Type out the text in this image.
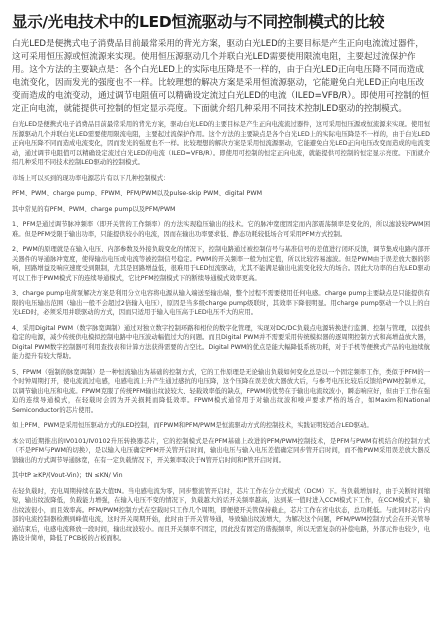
显示/光电技术中的LED恒流驱动与不同控制模式的比较

白光LED是便携式电子消费品目前最常采用的背光方案，驱动白光LED的主要目标是产生正向电流流过器件，这可采用恒压源或恒流源来实现。使用恒压源驱动几个并联白光LED需要使用限流电阻，主要起过流保护作用。这个方法的主要缺点是：各个白光LED上的实际电压降是不一样的，由于白光LED正向电压降不同而造成电流变化，因而发光的强度也不一样。比较理想的解决方案是采用恒流源驱动，它能避免白光LED正向电压改变而造成的电流变动，通过调节电阻值可以精确设定流过白光LED的电流（ILED=VFB/R）。即使用可控制的恒定正向电流，就能提供可控制的恒定显示亮度。下面就介绍几种采用不同技术控制LED驱动的控制模式。

白光LED是便携式电子消费品目前最常采用的背光方案，驱动白光LED的主要目标是产生正向电流流过器件，这可采用恒压源或恒流源来实现。使用恒压源驱动几个并联白光LED需要使用限流电阻，主要起过流保护作用。这个方法的主要缺点是各个白光LED上的实际电压降是不一样的，由于白光LED正向电压降不同而造成电流变化，因而发光的强度也不一样。比较理想的解决方案是采用恒流源驱动，它能避免白光LED正向电压改变而造成的电流变动，通过调节电阻值可以精确设定流过白光LED的电流（ILED=VFB/R）。即使用可控制的恒定正向电流，就能提供可控制的恒定显示亮度。下面就介绍几种采用不同技术控制LED驱动的控制模式。

市场上可以买到的现功率电源芯片有以下几种控制模式：

PFM、PWM、charge pump、FPWM、PFM/PWM以及pulse-skip PWM、digital PWM

其中常见的有PFM、PWM、charge pump以及PFM/PWM

1、PFM是通过调节脉冲频率（即开关管的工作频率）的方法实现稳压输出的技术。它的脉冲宽度固定而内部震荡频率是变化的，所以滤波较PWM困难。但是PFM受限于输出功率，只能提供较小的电流，因而在输出功率要求低、静态功耗较低场合可采用PFM方式控制。

2、PWM的原理就是在输入电压、内部参数及外接负载变化的情况下，控制电路通过被控制信号与基准信号的差值进行闭环反馈，调节集成电路内部开关器件的导通脉冲宽度，使得输出电压或电流等被控制信号稳定。PWM的开关频率一般为恒定值，所以比较容易滤波。但是PWM由于误差放大器的影响，回路增益及响应速度受到限制，尤其是回路增益低，很难用于LED恒流驱动，尤其不能满足输出电流变化较大的场合。因此大功率的白光LED驱动可以工作于PWM模式下的连续导通模式，它比PFM控制模式下的断续导通模式效率更高。

3、charge pump电荷泵解决方案是利用分立电容将电源从输入端送至输出端，整个过程不需要使用任何电感。charge pump主要缺点是只能提供有限的电压输出范围（输出一般不会超过2倍输入电压），原因是当多级charge pump级联时，其效率下降很明显。用charge pump驱动一个以上的白光LED时，必须采用并联驱动的方式，因而只适用于输入电压高于LED电压不大的应用。

4、采用Digital PWM（数字脉宽调制）通过对独立数字控制环路和相位的数字化管理，实现对DC/DC负载点电源转换进行监测、控制与管理，以提供稳定的电源，减少传统供电模拟控制电路中电压波动幅值过大的问题。而且Digital PWM并不需要采用传统模拟器的逐周期控制方式和高增益放大器，Digital PWM数字控制器可利用查找表和计算方法获得需要的占空比。Digital PWM的优点是能大幅降低系统功耗，对于手机等便携式产品的电池续航能力提升有较大帮助。

5、FPWM（强制的脉宽调制）是一种恒流输出为基础的控制方式，它的工作原理是无论输出负载如何变化总是以一个固定频率工作，类似于PFM的一个时钟周期打开，使电流流过电感，电感电流上升产生通过感抗的电压降，这个压降在误差放大器放大后，与参考电压比较后反馈给PWM控制单元，以调节输出电压和电流。FPWM克服了传统PFM输出纹波较大、轻载效率低的缺点，FPWM的优势在于输出电流纹波小，瞬态响应好，但由于工作在强迫的连续导通模式，在轻载时会因为开关损耗而降低效率。FPWM模式通常用于对输出纹波和噪声要求严格的场合，如Maxim和National Semiconductor的芯片使用。

如上PFM、PWM是采用恒压驱动方式的LED控制，而FPWM和PFM/PWM是恒流驱动方式的控制技术，实践证明较适合LED驱动。

本公司近期推出的IV0101/IV0102升压转换器芯片，它的控制模式是在PFM基础上改进的PFM/PWM控制技术，是PFM与PWM有机结合的控制方式（不是PFM与PWM的切换），是以输入电压确定PFM开关管开启时间，输出电压与输入电压差值确定同步管开启时间，而不像PWM采用误差放大器反馈输出的方式调节导通脉宽，在有一定负载情况下，开关频率取决于N管开启时间和P管开启时间。

其中tP ≥KP/(Vout-Vin)；tN ≤KN/ Vin

在轻负载时，充电周期持续在最大值tN。当电感电流为零，同步整流管开启时，芯片工作在分立式模式（DCM）下。当负载增加时，由于关断时间缩短，输出纹波降低，负载能力增强，在输入电压不变的情况下，负载越大的话开关频率越高，达到某一值时进入CCM模式下工作，在CCM模式下，输出纹波很小，而且效率高。PFM/PWM控制方式在空载时只工作几个周期，即便使开关管保持截止，芯片工作在省电状态，总功耗低。与此同时芯片内部的电流控制器检测到峰值电流，这时开关周期开始，此时由于开关管导通，导致输出纹波增大，为解决这个问题，PFM/PWM控制方式会在开关管导通结束后，电感电流释放一段时间，输出纹波较小。而且开关频率不固定，因此没有固定的谐振频率，所以无需复杂的补偿电路，外部元件也较少，电路设计简单，降低了PCB板的占板面积。
